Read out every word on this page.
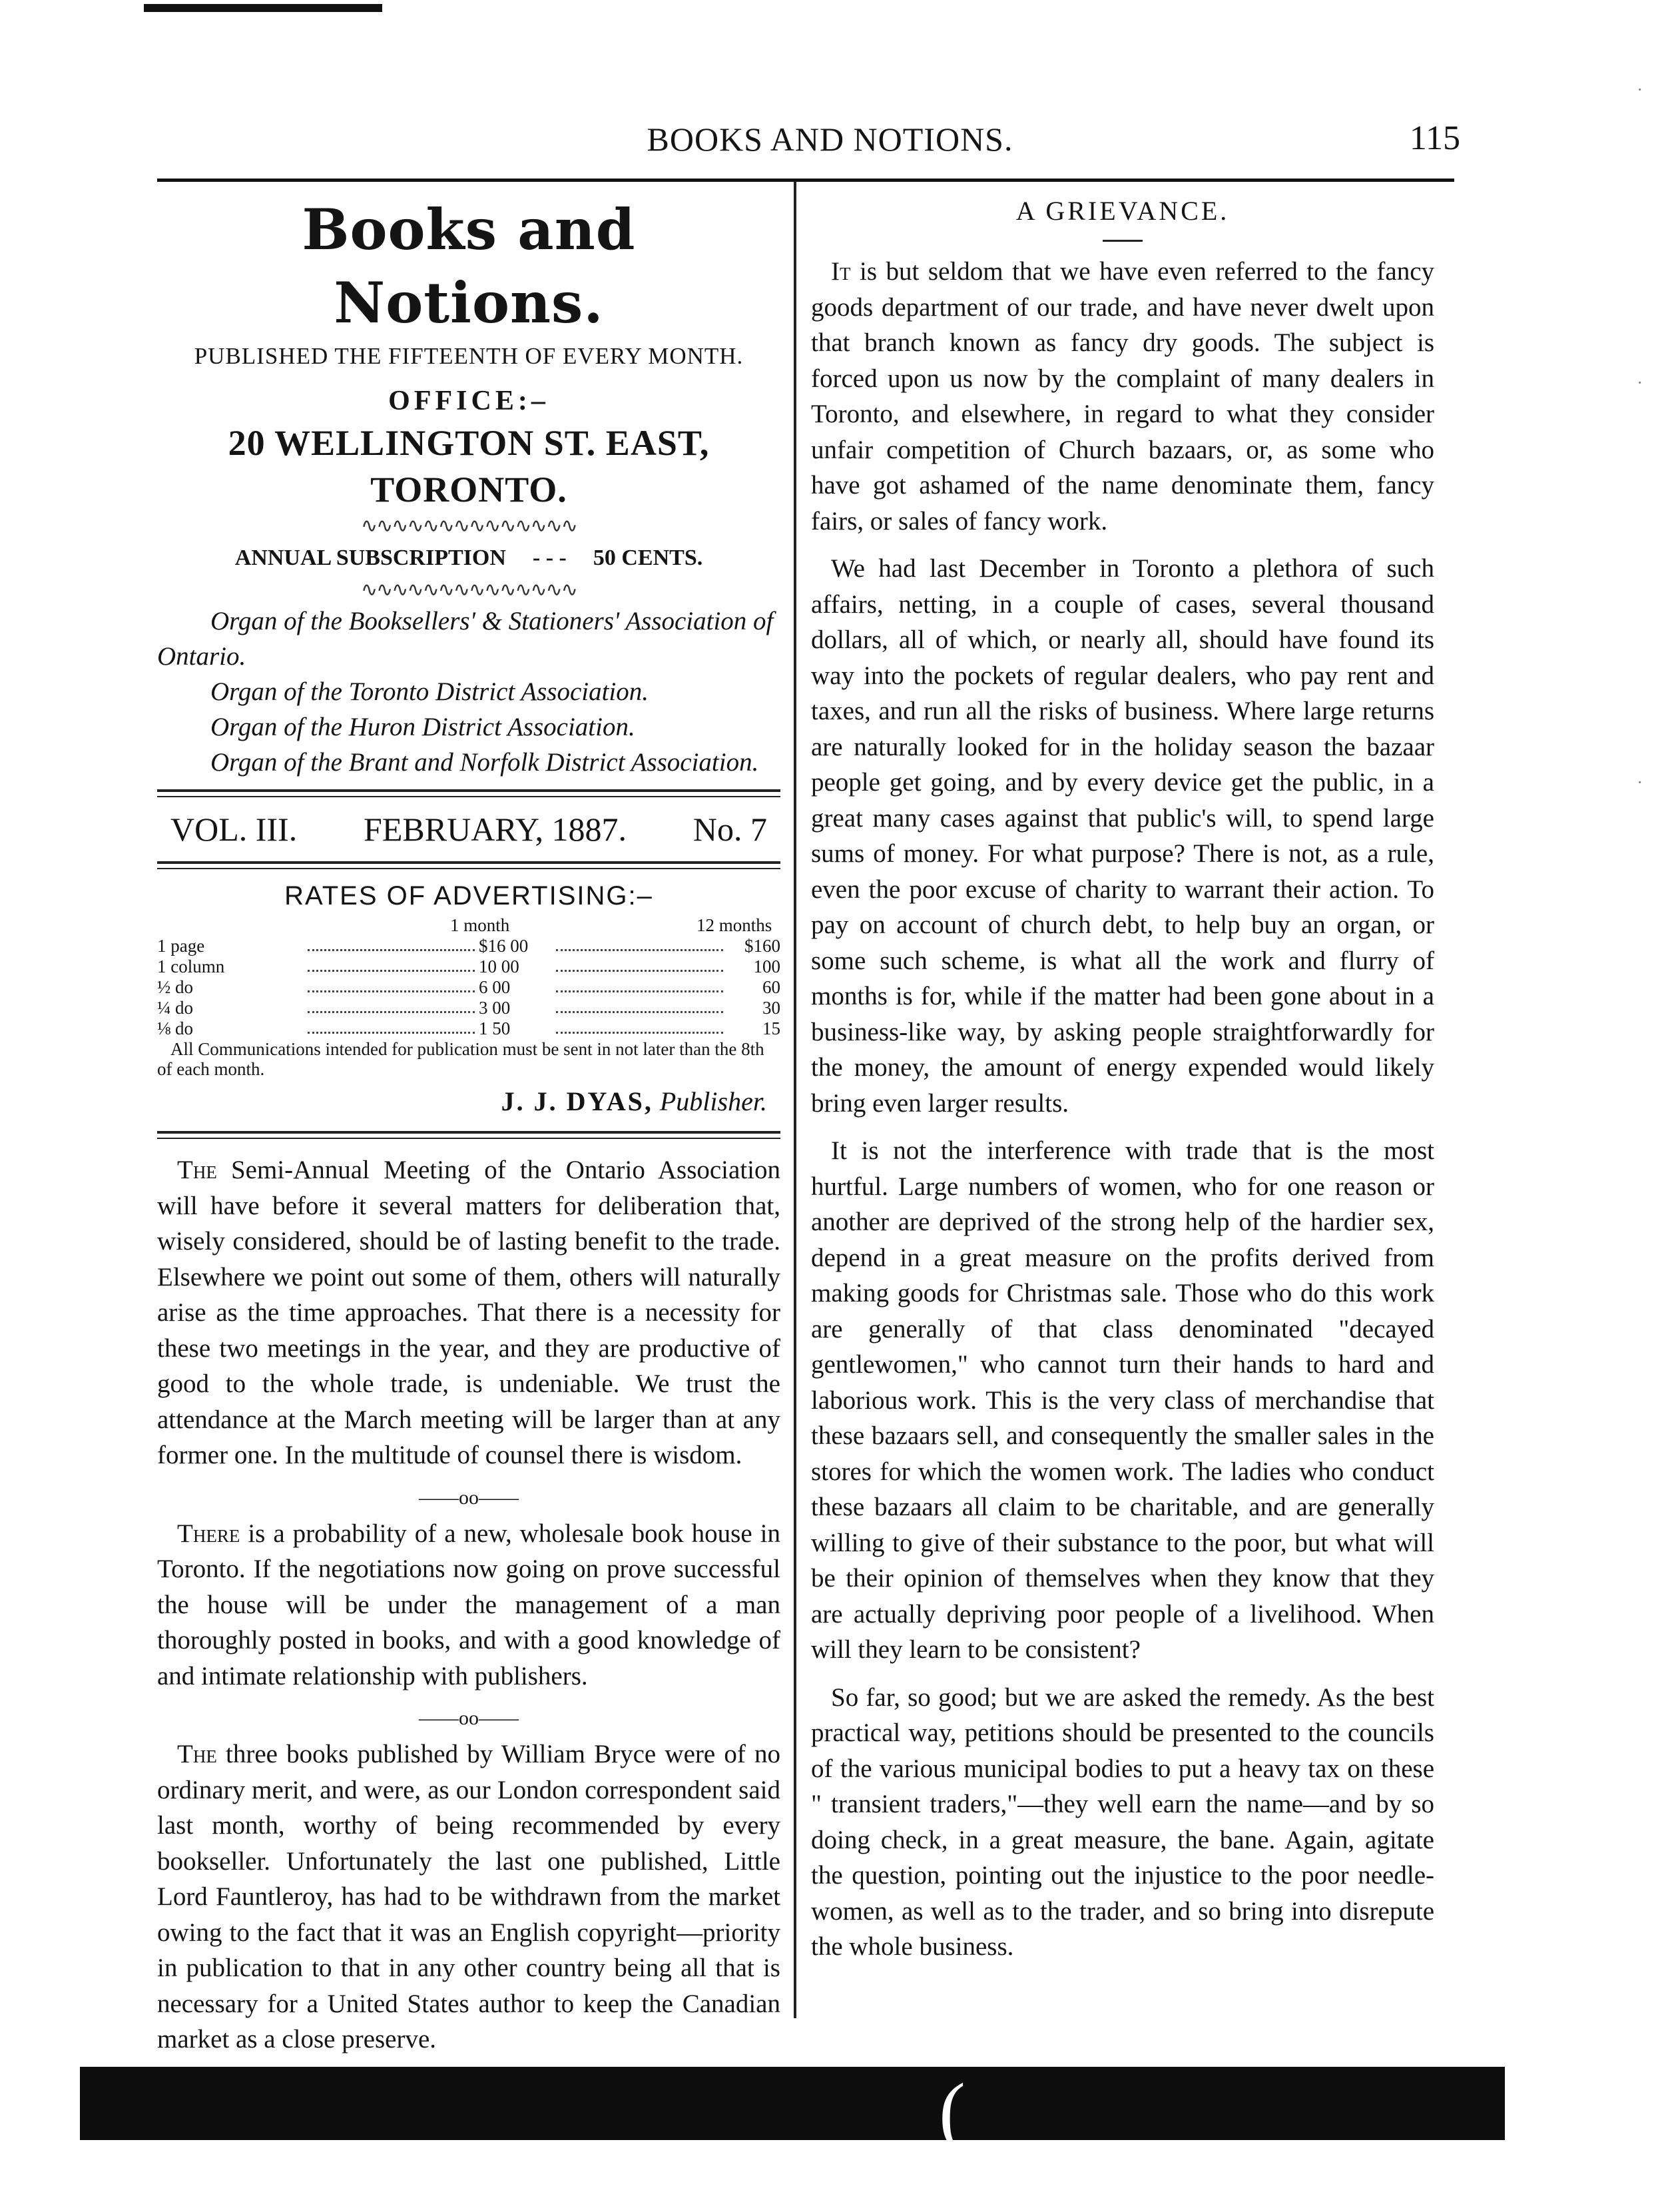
BOOKS AND NOTIONS.	115
Books and Notions.
PUBLISHED THE FIFTEENTH OF EVERY MONTH.
OFFICE:–
20 WELLINGTON ST. EAST, TORONTO.
∿∿∿∿∿∿∿∿∿∿∿∿∿∿
ANNUAL SUBSCRIPTION - - - 50 CENTS.
∿∿∿∿∿∿∿∿∿∿∿∿∿∿

Organ of the Booksellers' & Stationers' Association of Ontario.

Organ of the Toronto District Association.

Organ of the Huron District Association.

Organ of the Brant and Norfolk District Association.

VOL. III. FEBRUARY, 1887. No. 7
RATES OF ADVERTISING:–
1 month	12 months
1 page	$16 00	$160
1 column	10 00	100
½ do	6 00	60
¼ do	3 00	30
⅛ do	1 50	15
All Communications intended for publication must be sent in not later than the 8th of each month.
J. J. DYAS, Publisher.

The Semi-Annual Meeting of the Ontario Association will have before it several matters for deliberation that, wisely considered, should be of lasting benefit to the trade. Elsewhere we point out some of them, others will naturally arise as the time approaches. That there is a necessity for these two meetings in the year, and they are productive of good to the whole trade, is undeniable. We trust the attendance at the March meeting will be larger than at any former one. In the multitude of counsel there is wisdom.

——oo——

There is a probability of a new, wholesale book house in Toronto. If the negotiations now going on prove successful the house will be under the management of a man thoroughly posted in books, and with a good knowledge of and intimate relationship with publishers.

——oo——

The three books published by William Bryce were of no ordinary merit, and were, as our London correspondent said last month, worthy of being recommended by every bookseller. Unfortunately the last one published, Little Lord Fauntleroy, has had to be withdrawn from the market owing to the fact that it was an English copyright—priority in publication to that in any other country being all that is necessary for a United States author to keep the Canadian market as a close preserve.

A GRIEVANCE.

It is but seldom that we have even referred to the fancy goods department of our trade, and have never dwelt upon that branch known as fancy dry goods. The subject is forced upon us now by the complaint of many dealers in Toronto, and elsewhere, in regard to what they consider unfair competition of Church bazaars, or, as some who have got ashamed of the name denominate them, fancy fairs, or sales of fancy work.

We had last December in Toronto a plethora of such affairs, netting, in a couple of cases, several thousand dollars, all of which, or nearly all, should have found its way into the pockets of regular dealers, who pay rent and taxes, and run all the risks of business. Where large returns are naturally looked for in the holiday season the bazaar people get going, and by every device get the public, in a great many cases against that public's will, to spend large sums of money. For what purpose? There is not, as a rule, even the poor excuse of charity to warrant their action. To pay on account of church debt, to help buy an organ, or some such scheme, is what all the work and flurry of months is for, while if the matter had been gone about in a business-like way, by asking people straightforwardly for the money, the amount of energy expended would likely bring even larger results.

It is not the interference with trade that is the most hurtful. Large numbers of women, who for one reason or another are deprived of the strong help of the hardier sex, depend in a great measure on the profits derived from making goods for Christmas sale. Those who do this work are generally of that class denominated "decayed gentlewomen," who cannot turn their hands to hard and laborious work. This is the very class of merchandise that these bazaars sell, and consequently the smaller sales in the stores for which the women work. The ladies who conduct these bazaars all claim to be charitable, and are generally willing to give of their substance to the poor, but what will be their opinion of themselves when they know that they are actually depriving poor people of a livelihood. When will they learn to be consistent?

So far, so good; but we are asked the remedy. As the best practical way, petitions should be presented to the councils of the various municipal bodies to put a heavy tax on these " transient traders,"—they well earn the name—and by so doing check, in a great measure, the bane. Again, agitate the question, pointing out the injustice to the poor needle-women, as well as to the trader, and so bring into disrepute the whole business.

(
·
·
·
